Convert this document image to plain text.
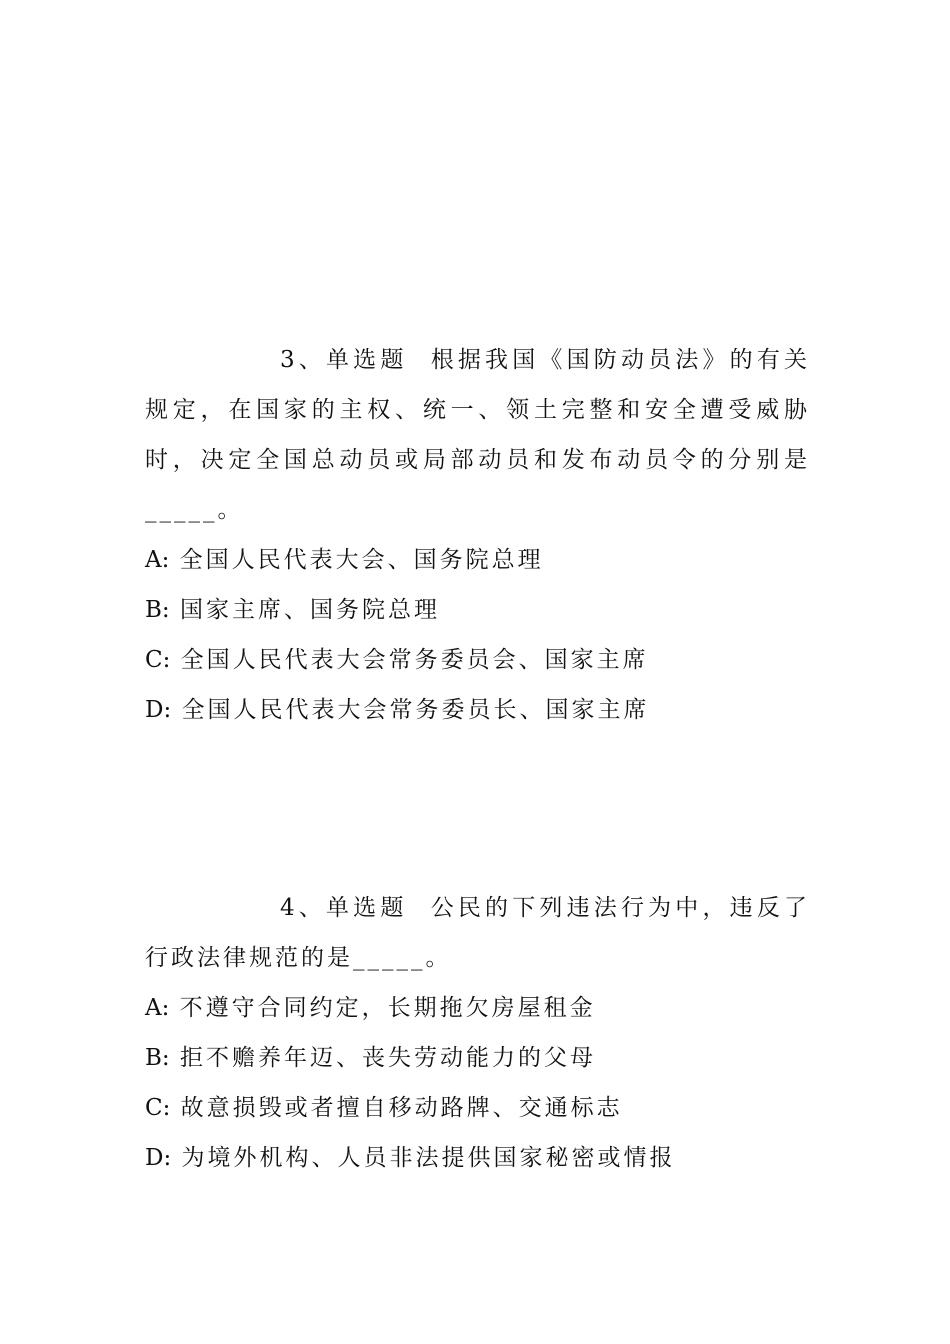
3、单选题 根据我国《国防动员法》的有关规定，在国家的主权、统一、领土完整和安全遭受威胁时，决定全国总动员或局部动员和发布动员令的分别是_____。

A: 全国人民代表大会、国务院总理
B: 国家主席、国务院总理
C: 全国人民代表大会常务委员会、国家主席
D: 全国人民代表大会常务委员长、国家主席

4、单选题 公民的下列违法行为中，违反了行政法律规范的是_____。

A: 不遵守合同约定，长期拖欠房屋租金
B: 拒不赡养年迈、丧失劳动能力的父母
C: 故意损毁或者擅自移动路牌、交通标志
D: 为境外机构、人员非法提供国家秘密或情报
